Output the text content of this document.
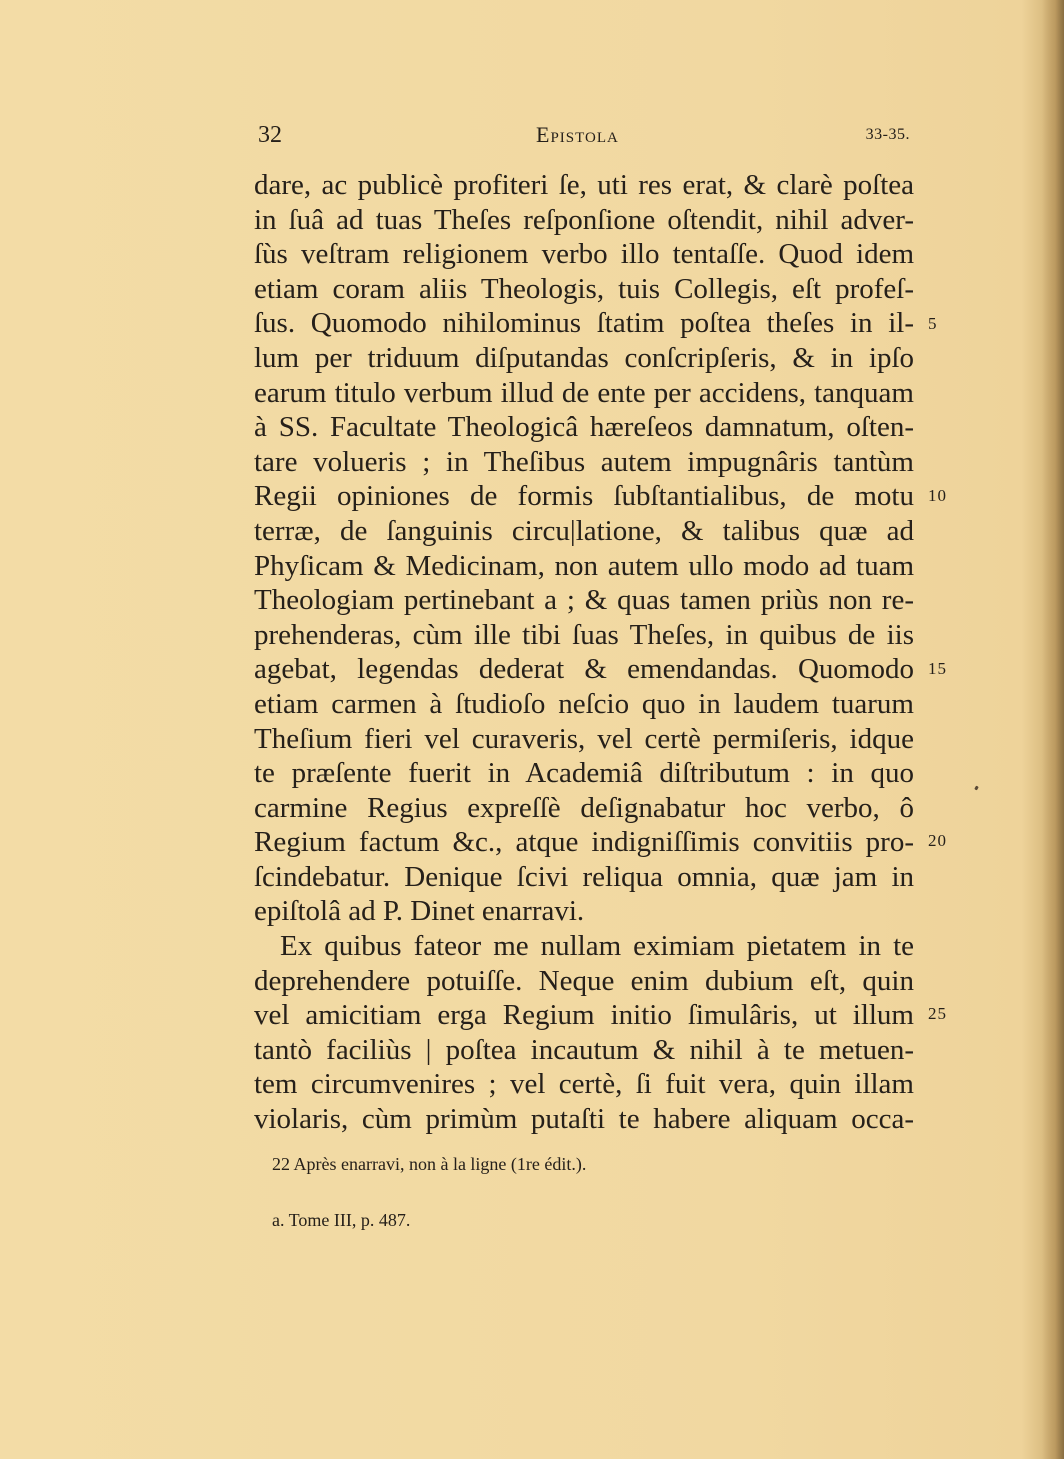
32	Epistola	33-35.
dare, ac publicè profiteri ſe, uti res erat, & clarè poſtea
in ſuâ ad tuas Theſes reſponſione oſtendit, nihil adver-
ſùs veſtram religionem verbo illo tentaſſe. Quod idem
etiam coram aliis Theologis, tuis Collegis, eſt profeſ-
ſus. Quomodo nihilominus ſtatim poſtea theſes in il-
lum per triduum diſputandas conſcripſeris, & in ipſo
earum titulo verbum illud de ente per accidens, tanquam
à SS. Facultate Theologicâ hæreſeos damnatum, oſten-
tare volueris ; in Theſibus autem impugnâris tantùm
Regii opiniones de formis ſubſtantialibus, de motu
terræ, de ſanguinis circu|latione, & talibus quæ ad
Phyſicam & Medicinam, non autem ullo modo ad tuam
Theologiam pertinebant a ; & quas tamen priùs non re-
prehenderas, cùm ille tibi ſuas Theſes, in quibus de iis
agebat, legendas dederat & emendandas. Quomodo
etiam carmen à ſtudioſo neſcio quo in laudem tuarum
Theſium fieri vel curaveris, vel certè permiſeris, idque
te præſente fuerit in Academiâ diſtributum : in quo
carmine Regius expreſſè deſignabatur hoc verbo, ô
Regium factum &c., atque indigniſſimis convitiis pro-
ſcindebatur. Denique ſcivi reliqua omnia, quæ jam in
epiſtolâ ad P. Dinet enarravi.
Ex quibus fateor me nullam eximiam pietatem in te
deprehendere potuiſſe. Neque enim dubium eſt, quin
vel amicitiam erga Regium initio ſimulâris, ut illum
tantò faciliùs | poſtea incautum & nihil à te metuen-
tem circumvenires ; vel certè, ſi fuit vera, quin illam
violaris, cùm primùm putaſti te habere aliquam occa-
5
10
15
20
25
22 Après enarravi, non à la ligne (1re édit.).
a. Tome III, p. 487.
